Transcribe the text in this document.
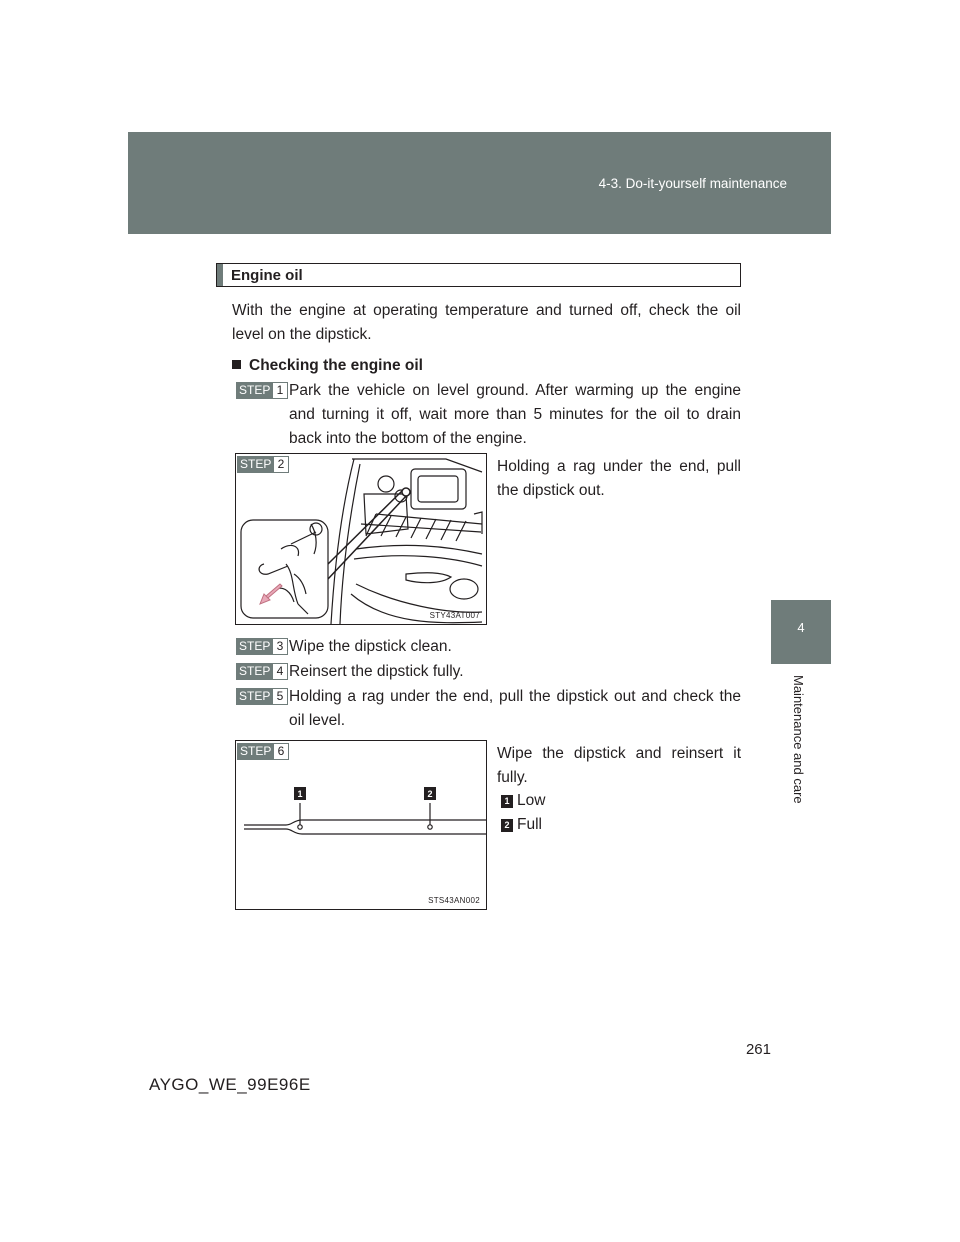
4-3. Do-it-yourself maintenance
4
Maintenance and care
Engine oil
With the engine at operating temperature and turned off, check the oil level on the dipstick.
Checking the engine oil
STEP 1 Park the vehicle on level ground. After warming up the engine and turning it off, wait more than 5 minutes for the oil to drain back into the bottom of the engine.
STEP 2
STY43AT007
Holding a rag under the end, pull the dipstick out.
STEP 3 Wipe the dipstick clean.
STEP 4 Reinsert the dipstick fully.
STEP 5 Holding a rag under the end, pull the dipstick out and check the oil level.
STEP 6
1	2
STS43AN002
Wipe the dipstick and reinsert it fully.
1 Low
2 Full
261
AYGO_WE_99E96E
